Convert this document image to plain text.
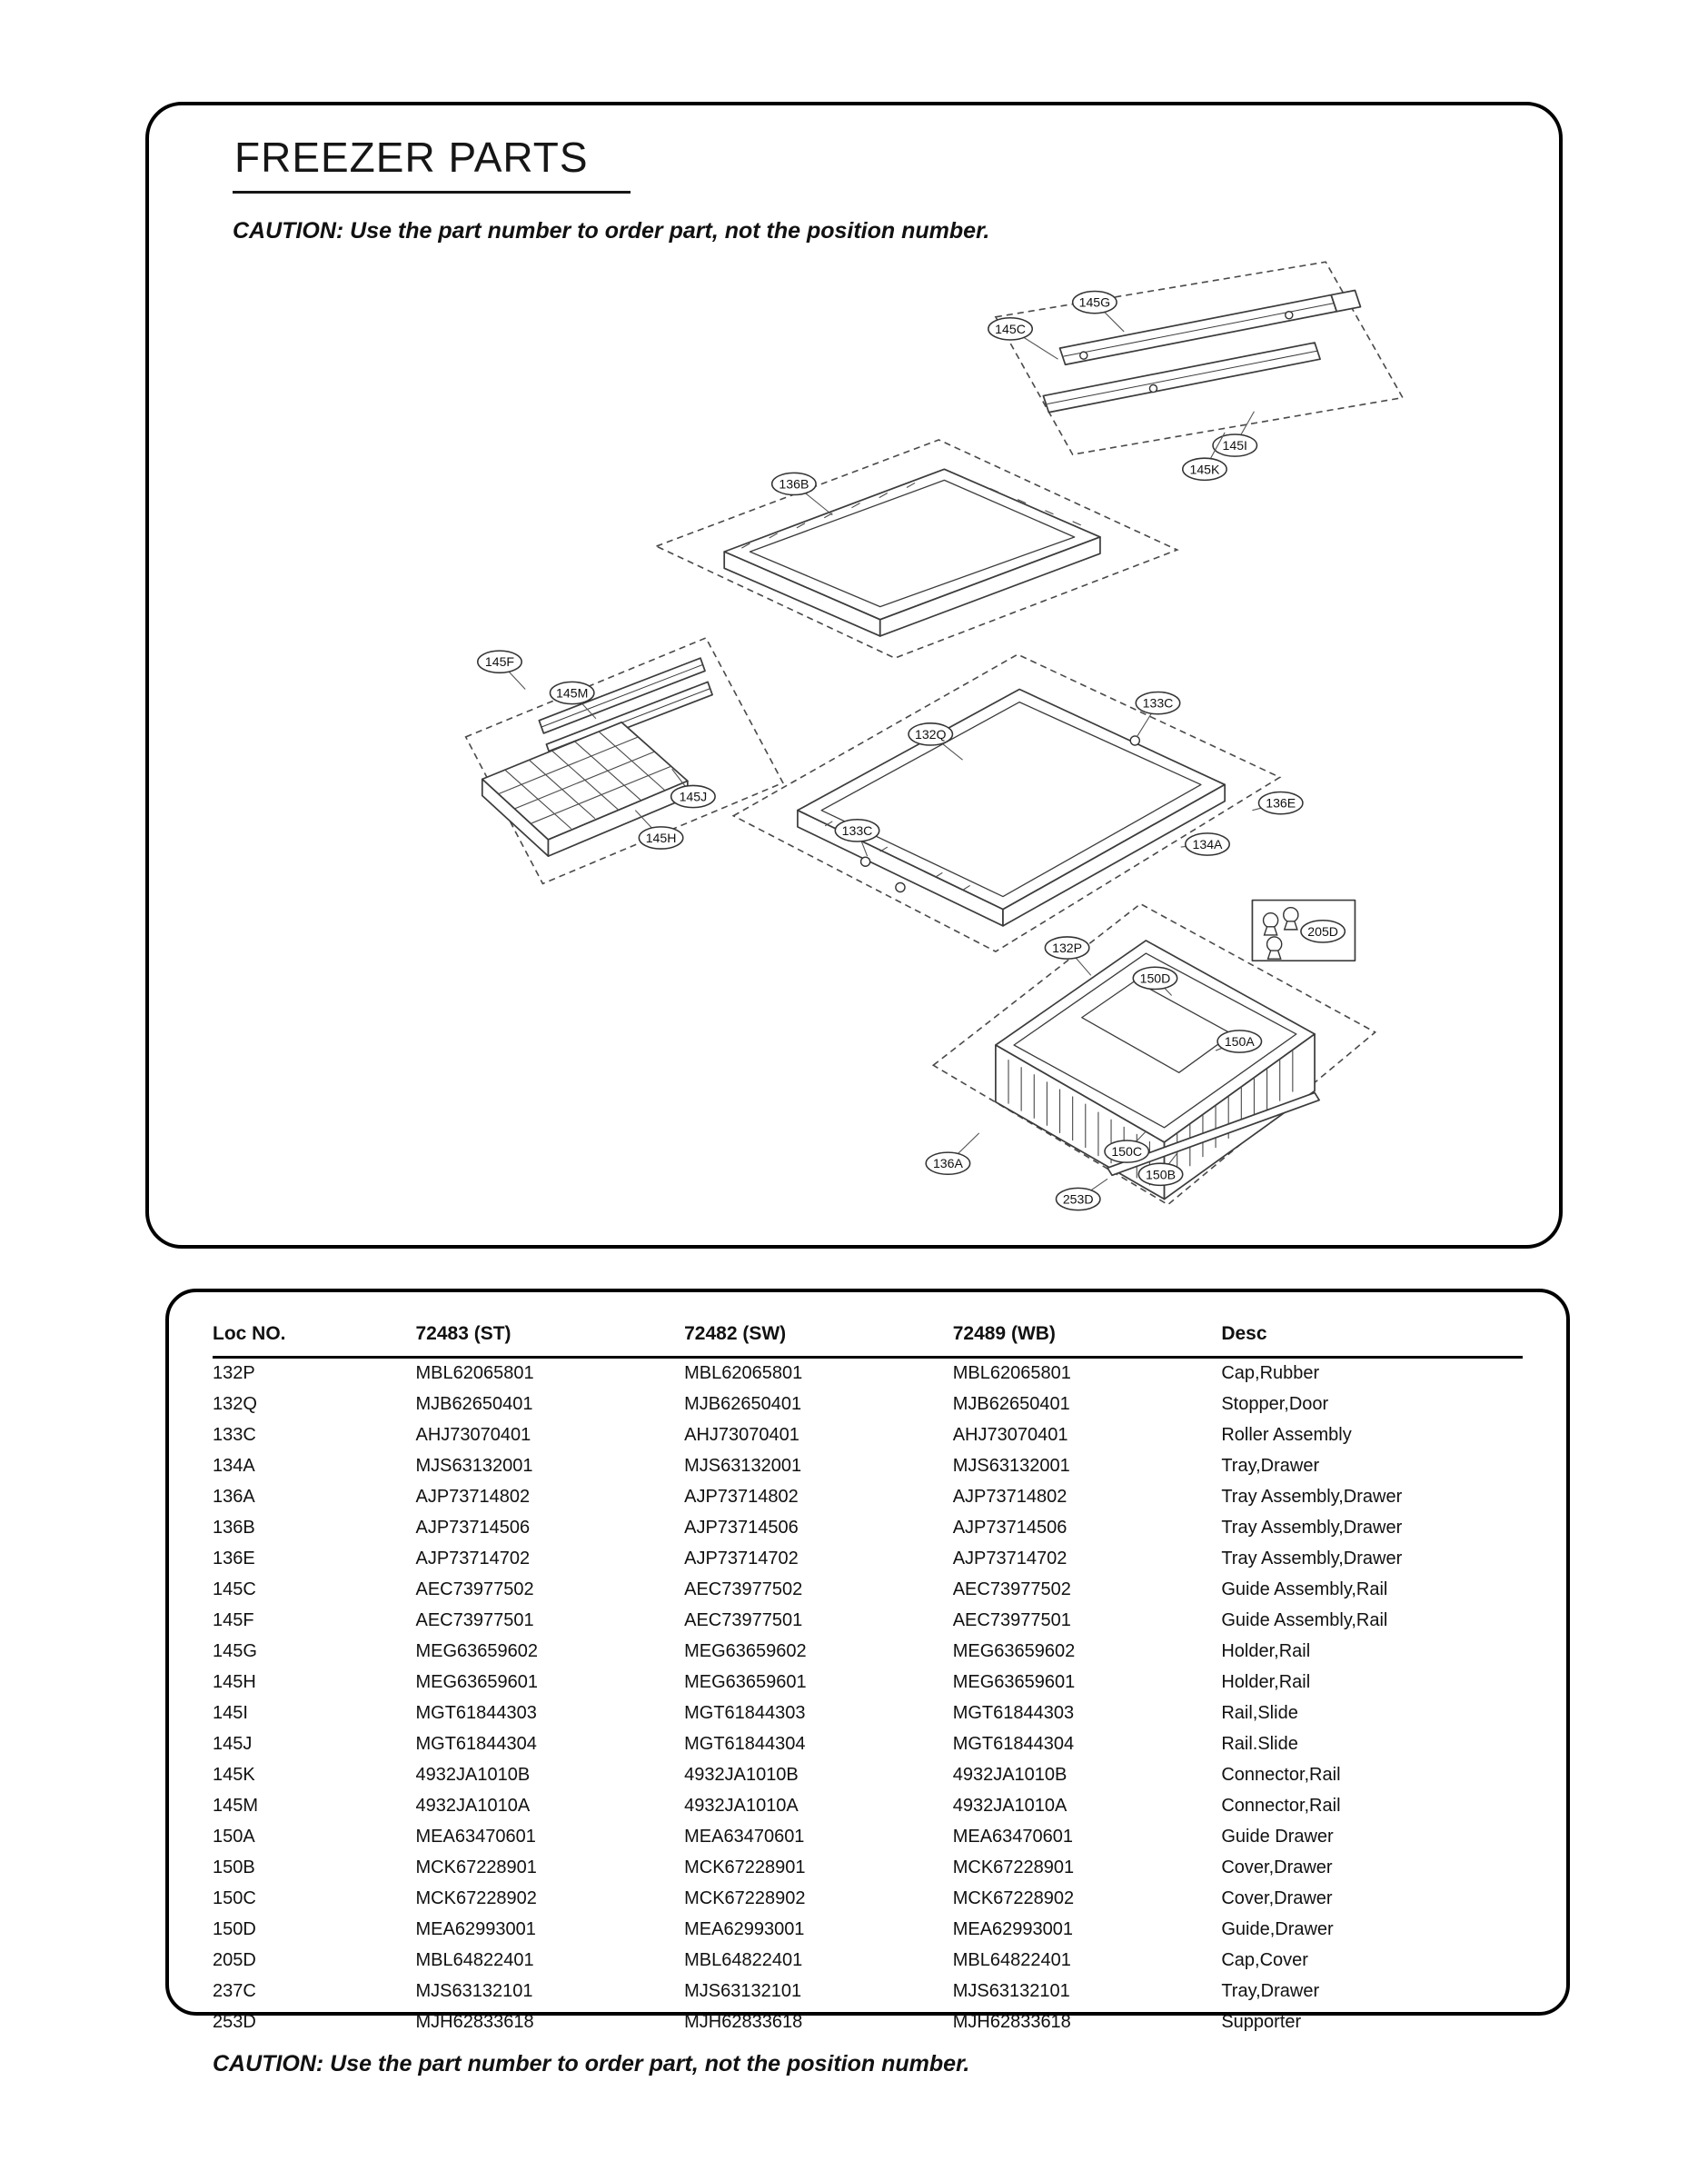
FREEZER PARTS

CAUTION: Use the part number to order part, not the position number.

145C
145G
145I
145K
136B
145F
145M
145J
145H
132Q
133C
136E
134A
133C
132P
150D
150A
205D
150C
150B
136A
253D
Loc NO.	72483 (ST)	72482 (SW)	72489 (WB)	Desc
132P	MBL62065801	MBL62065801	MBL62065801	Cap,Rubber
132Q	MJB62650401	MJB62650401	MJB62650401	Stopper,Door
133C	AHJ73070401	AHJ73070401	AHJ73070401	Roller Assembly
134A	MJS63132001	MJS63132001	MJS63132001	Tray,Drawer
136A	AJP73714802	AJP73714802	AJP73714802	Tray Assembly,Drawer
136B	AJP73714506	AJP73714506	AJP73714506	Tray Assembly,Drawer
136E	AJP73714702	AJP73714702	AJP73714702	Tray Assembly,Drawer
145C	AEC73977502	AEC73977502	AEC73977502	Guide Assembly,Rail
145F	AEC73977501	AEC73977501	AEC73977501	Guide Assembly,Rail
145G	MEG63659602	MEG63659602	MEG63659602	Holder,Rail
145H	MEG63659601	MEG63659601	MEG63659601	Holder,Rail
145I	MGT61844303	MGT61844303	MGT61844303	Rail,Slide
145J	MGT61844304	MGT61844304	MGT61844304	Rail.Slide
145K	4932JA1010B	4932JA1010B	4932JA1010B	Connector,Rail
145M	4932JA1010A	4932JA1010A	4932JA1010A	Connector,Rail
150A	MEA63470601	MEA63470601	MEA63470601	Guide Drawer
150B	MCK67228901	MCK67228901	MCK67228901	Cover,Drawer
150C	MCK67228902	MCK67228902	MCK67228902	Cover,Drawer
150D	MEA62993001	MEA62993001	MEA62993001	Guide,Drawer
205D	MBL64822401	MBL64822401	MBL64822401	Cap,Cover
237C	MJS63132101	MJS63132101	MJS63132101	Tray,Drawer
253D	MJH62833618	MJH62833618	MJH62833618	Supporter

CAUTION: Use the part number to order part, not the position number.
